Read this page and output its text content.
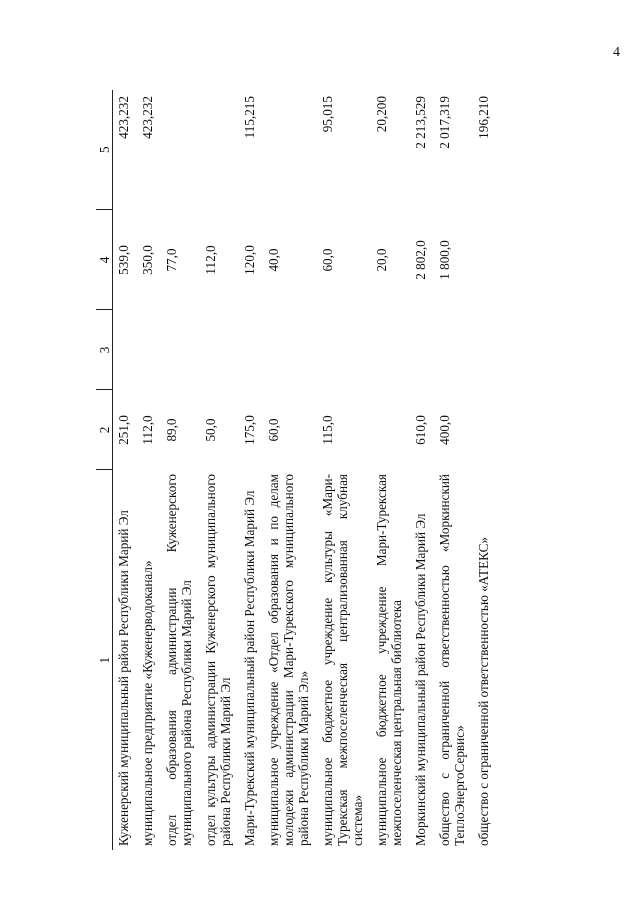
4
1	2	3	4	5
Куженерский муниципальный район Республики Марий Эл	251,0		539,0	423,232
муниципальное предприятие «Куженерводоканал»	112,0		350,0	423,232
отдел образования администрации Куженерского муниципального района Республики Марий Эл	89,0		77,0	
отдел культуры администрации Куженерского муниципального района Республики Марий Эл	50,0		112,0	
Мари-Турекский муниципальный район Республики Марий Эл	175,0		120,0	115,215
муниципальное учреждение «Отдел образования и по делам молодежи администрации Мари-Турекского муниципального района Республики Марий Эл»	60,0		40,0	
муниципальное бюджетное учреждение культуры «Мари-Турекская межпоселенческая централизованная клубная система»	115,0		60,0	95,015
муниципальное бюджетное учреждение Мари-Турекская межпоселенческая центральная библиотека			20,0	20,200
Моркинский муниципальный район Республики Марий Эл	610,0		2 802,0	2 213,529
общество с ограниченной ответственностью «Моркинский ТеплоЭнергоСервис»	400,0		1 800,0	2 017,319
общество с ограниченной ответственностью «АТЕКС»				196,210
